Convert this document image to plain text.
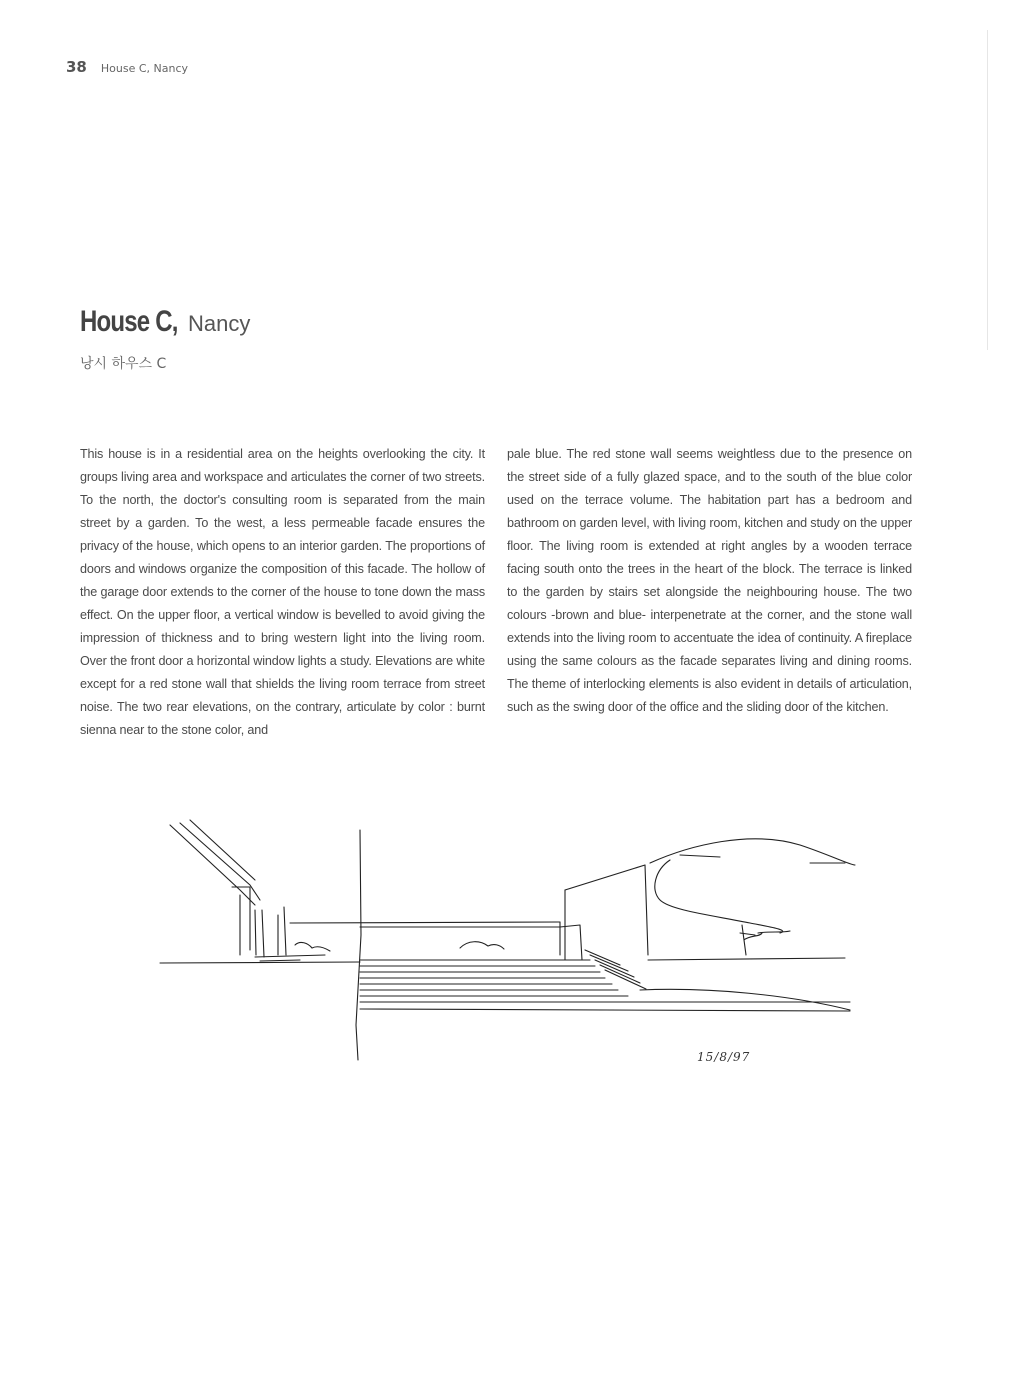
38 House C, Nancy
House C, Nancy
낭시 하우스 C
This house is in a residential area on the heights overlooking the city. It groups living area and workspace and articulates the corner of two streets. To the north, the doctor's consulting room is separated from the main street by a garden. To the west, a less permeable facade ensures the privacy of the house, which opens to an interior garden. The proportions of doors and windows organize the composition of this facade. The hollow of the garage door extends to the corner of the house to tone down the mass effect. On the upper floor, a vertical window is bevelled to avoid giving the impression of thickness and to bring western light into the living room. Over the front door a horizontal window lights a study. Elevations are white except for a red stone wall that shields the living room terrace from street noise. The two rear elevations, on the contrary, articulate by color : burnt sienna near to the stone color, and
pale blue. The red stone wall seems weightless due to the presence on the street side of a fully glazed space, and to the south of the blue color used on the terrace volume. The habitation part has a bedroom and bathroom on garden level, with living room, kitchen and study on the upper floor. The living room is extended at right angles by a wooden terrace facing south onto the trees in the heart of the block. The terrace is linked to the garden by stairs set alongside the neighbouring house. The two colours -brown and blue- interpenetrate at the corner, and the stone wall extends into the living room to accentuate the idea of continuity. A fireplace using the same colours as the facade separates living and dining rooms. The theme of interlocking elements is also evident in details of articulation, such as the swing door of the office and the sliding door of the kitchen.
15/8/97
